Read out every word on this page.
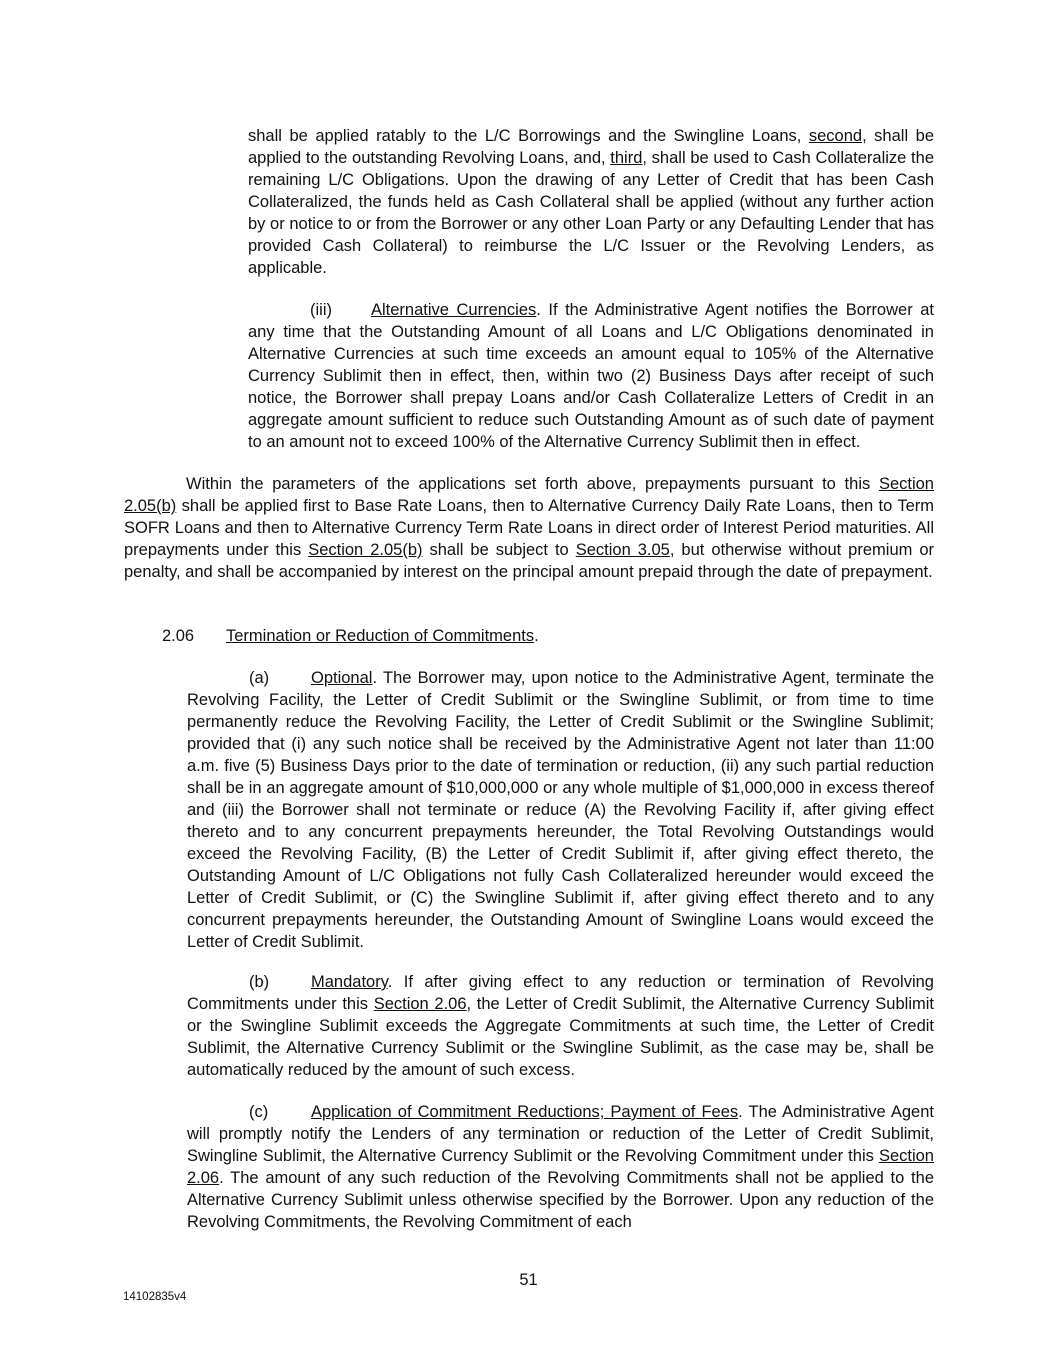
shall be applied ratably to the L/C Borrowings and the Swingline Loans, second, shall be applied to the outstanding Revolving Loans, and, third, shall be used to Cash Collateralize the remaining L/C Obligations. Upon the drawing of any Letter of Credit that has been Cash Collateralized, the funds held as Cash Collateral shall be applied (without any further action by or notice to or from the Borrower or any other Loan Party or any Defaulting Lender that has provided Cash Collateral) to reimburse the L/C Issuer or the Revolving Lenders, as applicable.

(iii) Alternative Currencies. If the Administrative Agent notifies the Borrower at any time that the Outstanding Amount of all Loans and L/C Obligations denominated in Alternative Currencies at such time exceeds an amount equal to 105% of the Alternative Currency Sublimit then in effect, then, within two (2) Business Days after receipt of such notice, the Borrower shall prepay Loans and/or Cash Collateralize Letters of Credit in an aggregate amount sufficient to reduce such Outstanding Amount as of such date of payment to an amount not to exceed 100% of the Alternative Currency Sublimit then in effect.

Within the parameters of the applications set forth above, prepayments pursuant to this Section 2.05(b) shall be applied first to Base Rate Loans, then to Alternative Currency Daily Rate Loans, then to Term SOFR Loans and then to Alternative Currency Term Rate Loans in direct order of Interest Period maturities. All prepayments under this Section 2.05(b) shall be subject to Section 3.05, but otherwise without premium or penalty, and shall be accompanied by interest on the principal amount prepaid through the date of prepayment.

2.06 Termination or Reduction of Commitments.

(a)	Optional. The Borrower may, upon notice to the Administrative Agent, terminate the Revolving Facility, the Letter of Credit Sublimit or the Swingline Sublimit, or from time to time permanently reduce the Revolving Facility, the Letter of Credit Sublimit or the Swingline Sublimit; provided that (i) any such notice shall be received by the Administrative Agent not later than 11:00 a.m. five (5) Business Days prior to the date of termination or reduction, (ii) any such partial reduction shall be in an aggregate amount of $10,000,000 or any whole multiple of $1,000,000 in excess thereof and (iii) the Borrower shall not terminate or reduce (A) the Revolving Facility if, after giving effect thereto and to any concurrent prepayments hereunder, the Total Revolving Outstandings would exceed the Revolving Facility, (B) the Letter of Credit Sublimit if, after giving effect thereto, the Outstanding Amount of L/C Obligations not fully Cash Collateralized hereunder would exceed the Letter of Credit Sublimit, or (C) the Swingline Sublimit if, after giving effect thereto and to any concurrent prepayments hereunder, the Outstanding Amount of Swingline Loans would exceed the Letter of Credit Sublimit.

(b)	Mandatory. If after giving effect to any reduction or termination of Revolving Commitments under this Section 2.06, the Letter of Credit Sublimit, the Alternative Currency Sublimit or the Swingline Sublimit exceeds the Aggregate Commitments at such time, the Letter of Credit Sublimit, the Alternative Currency Sublimit or the Swingline Sublimit, as the case may be, shall be automatically reduced by the amount of such excess.

(c)	Application of Commitment Reductions; Payment of Fees. The Administrative Agent will promptly notify the Lenders of any termination or reduction of the Letter of Credit Sublimit, Swingline Sublimit, the Alternative Currency Sublimit or the Revolving Commitment under this Section 2.06. The amount of any such reduction of the Revolving Commitments shall not be applied to the Alternative Currency Sublimit unless otherwise specified by the Borrower. Upon any reduction of the Revolving Commitments, the Revolving Commitment of each

51
14102835v4
